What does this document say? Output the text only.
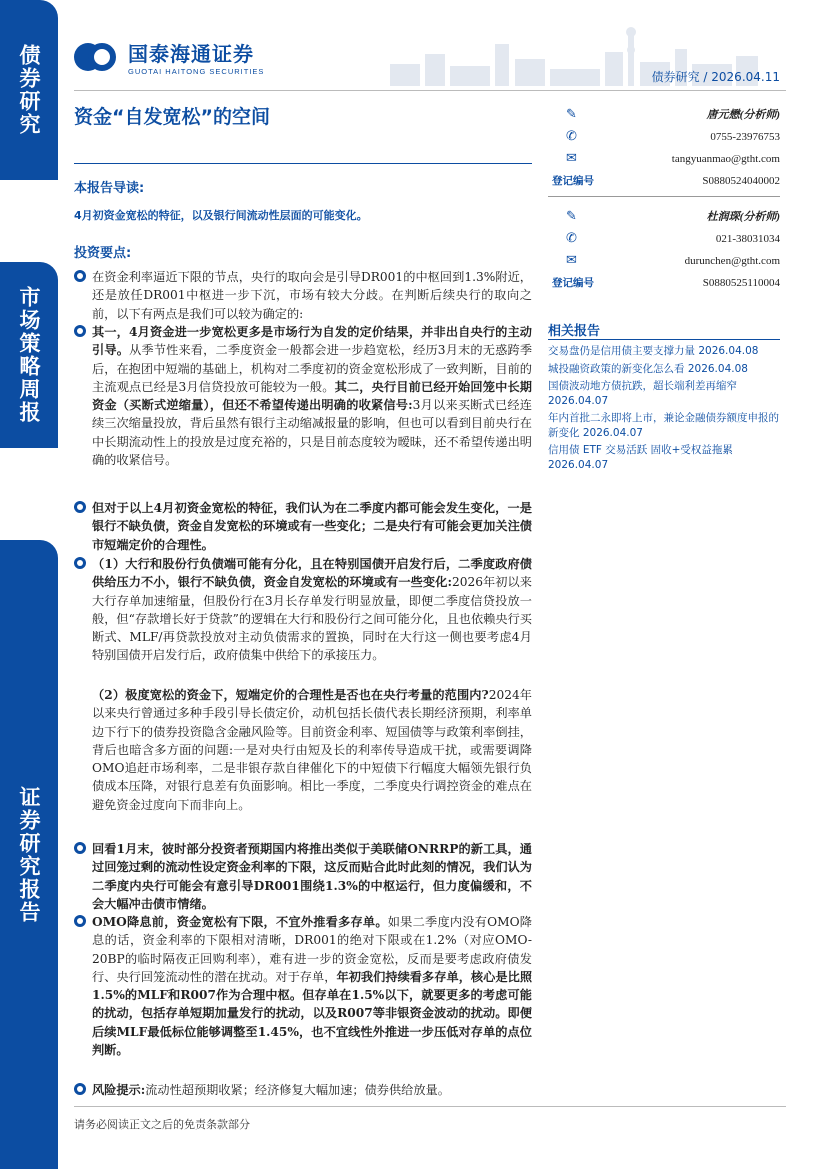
债券研究
市场策略周报
证券研究报告
国泰海通证券
GUOTAI HAITONG SECURITIES	债券研究 / 2026.04.11
资金“自发宽松”的空间	✎	唐元懋(分析师)
✆	0755-23976753
✉	tangyuanmao@gtht.com
登记编号	S0880524040002
✎	杜润琛(分析师)
✆	021-38031034
✉	durunchen@gtht.com
登记编号	S0880525110004
相关报告
交易盘仍是信用债主要支撑力量 2026.04.08
城投融资政策的新变化怎么看 2026.04.08
国债波动地方债抗跌，超长端利差再缩窄 2026.04.07
年内首批二永即将上市，兼论金融债券额度申报的新变化 2026.04.07
信用债 ETF 交易活跃 固收+受权益拖累 2026.04.07
本报告导读:
4月初资金宽松的特征，以及银行间流动性层面的可能变化。
投资要点:
在资金利率逼近下限的节点，央行的取向会是引导DR001的中枢回到1.3%附近，还是放任DR001中枢进一步下沉，市场有较大分歧。在判断后续央行的取向之前，以下有两点是我们可以较为确定的:
其一，4月资金进一步宽松更多是市场行为自发的定价结果，并非出自央行的主动引导。从季节性来看，二季度资金一般都会进一步趋宽松，经历3月末的无惑跨季后，在抱团中短端的基础上，机构对二季度初的资金宽松形成了一致判断，目前的主流观点已经是3月信贷投放可能较为一般。其二，央行目前已经开始回笼中长期资金（买断式逆缩量），但还不希望传递出明确的收紧信号:3月以来买断式已经连续三次缩量投放，背后虽然有银行主动缩减报量的影响，但也可以看到目前央行在中长期流动性上的投放是过度充裕的，只是目前态度较为暧昧，还不希望传递出明确的收紧信号。
但对于以上4月初资金宽松的特征，我们认为在二季度内都可能会发生变化，一是银行不缺负债，资金自发宽松的环境或有一些变化；二是央行有可能会更加关注债市短端定价的合理性。
（1）大行和股份行负债端可能有分化，且在特别国债开启发行后，二季度政府债供给压力不小，银行不缺负债，资金自发宽松的环境或有一些变化:2026年初以来大行存单加速缩量，但股份行在3月长存单发行明显放量，即便二季度信贷投放一般，但“存款增长好于贷款”的逻辑在大行和股份行之间可能分化，且也依赖央行买断式、MLF/再贷款投放对主动负债需求的置换，同时在大行这一侧也要考虑4月特别国债开启发行后，政府债集中供给下的承接压力。
（2）极度宽松的资金下，短端定价的合理性是否也在央行考量的范围内?2024年以来央行曾通过多种手段引导长债定价，动机包括长债代表长期经济预期，利率单边下行下的债券投资隐含金融风险等。目前资金利率、短国债等与政策利率倒挂，背后也暗含多方面的问题:一是对央行由短及长的利率传导造成干扰，或需要调降OMO追赶市场利率，二是非银存款自律催化下的中短债下行幅度大幅领先银行负债成本压降，对银行息差有负面影响。相比一季度，二季度央行调控资金的难点在避免资金过度向下而非向上。
回看1月末，彼时部分投资者预期国内将推出类似于美联储ONRRP的新工具，通过回笼过剩的流动性设定资金利率的下限，这反而贴合此时此刻的情况，我们认为二季度内央行可能会有意引导DR001围绕1.3%的中枢运行，但力度偏缓和，不会大幅冲击债市情绪。
OMO降息前，资金宽松有下限，不宜外推看多存单。如果二季度内没有OMO降息的话，资金利率的下限相对清晰，DR001的绝对下限或在1.2%（对应OMO-20BP的临时隔夜正回购利率），难有进一步的资金宽松，反而是要考虑政府债发行、央行回笼流动性的潜在扰动。对于存单，年初我们持续看多存单，核心是比照1.5%的MLF和R007作为合理中枢。但存单在1.5%以下，就要更多的考虑可能的扰动，包括存单短期加量发行的扰动，以及R007等非银资金波动的扰动。即便后续MLF最低标位能够调整至1.45%，也不宜线性外推进一步压低对存单的点位判断。
风险提示:流动性超预期收紧；经济修复大幅加速；债券供给放量。
请务必阅读正文之后的免责条款部分
